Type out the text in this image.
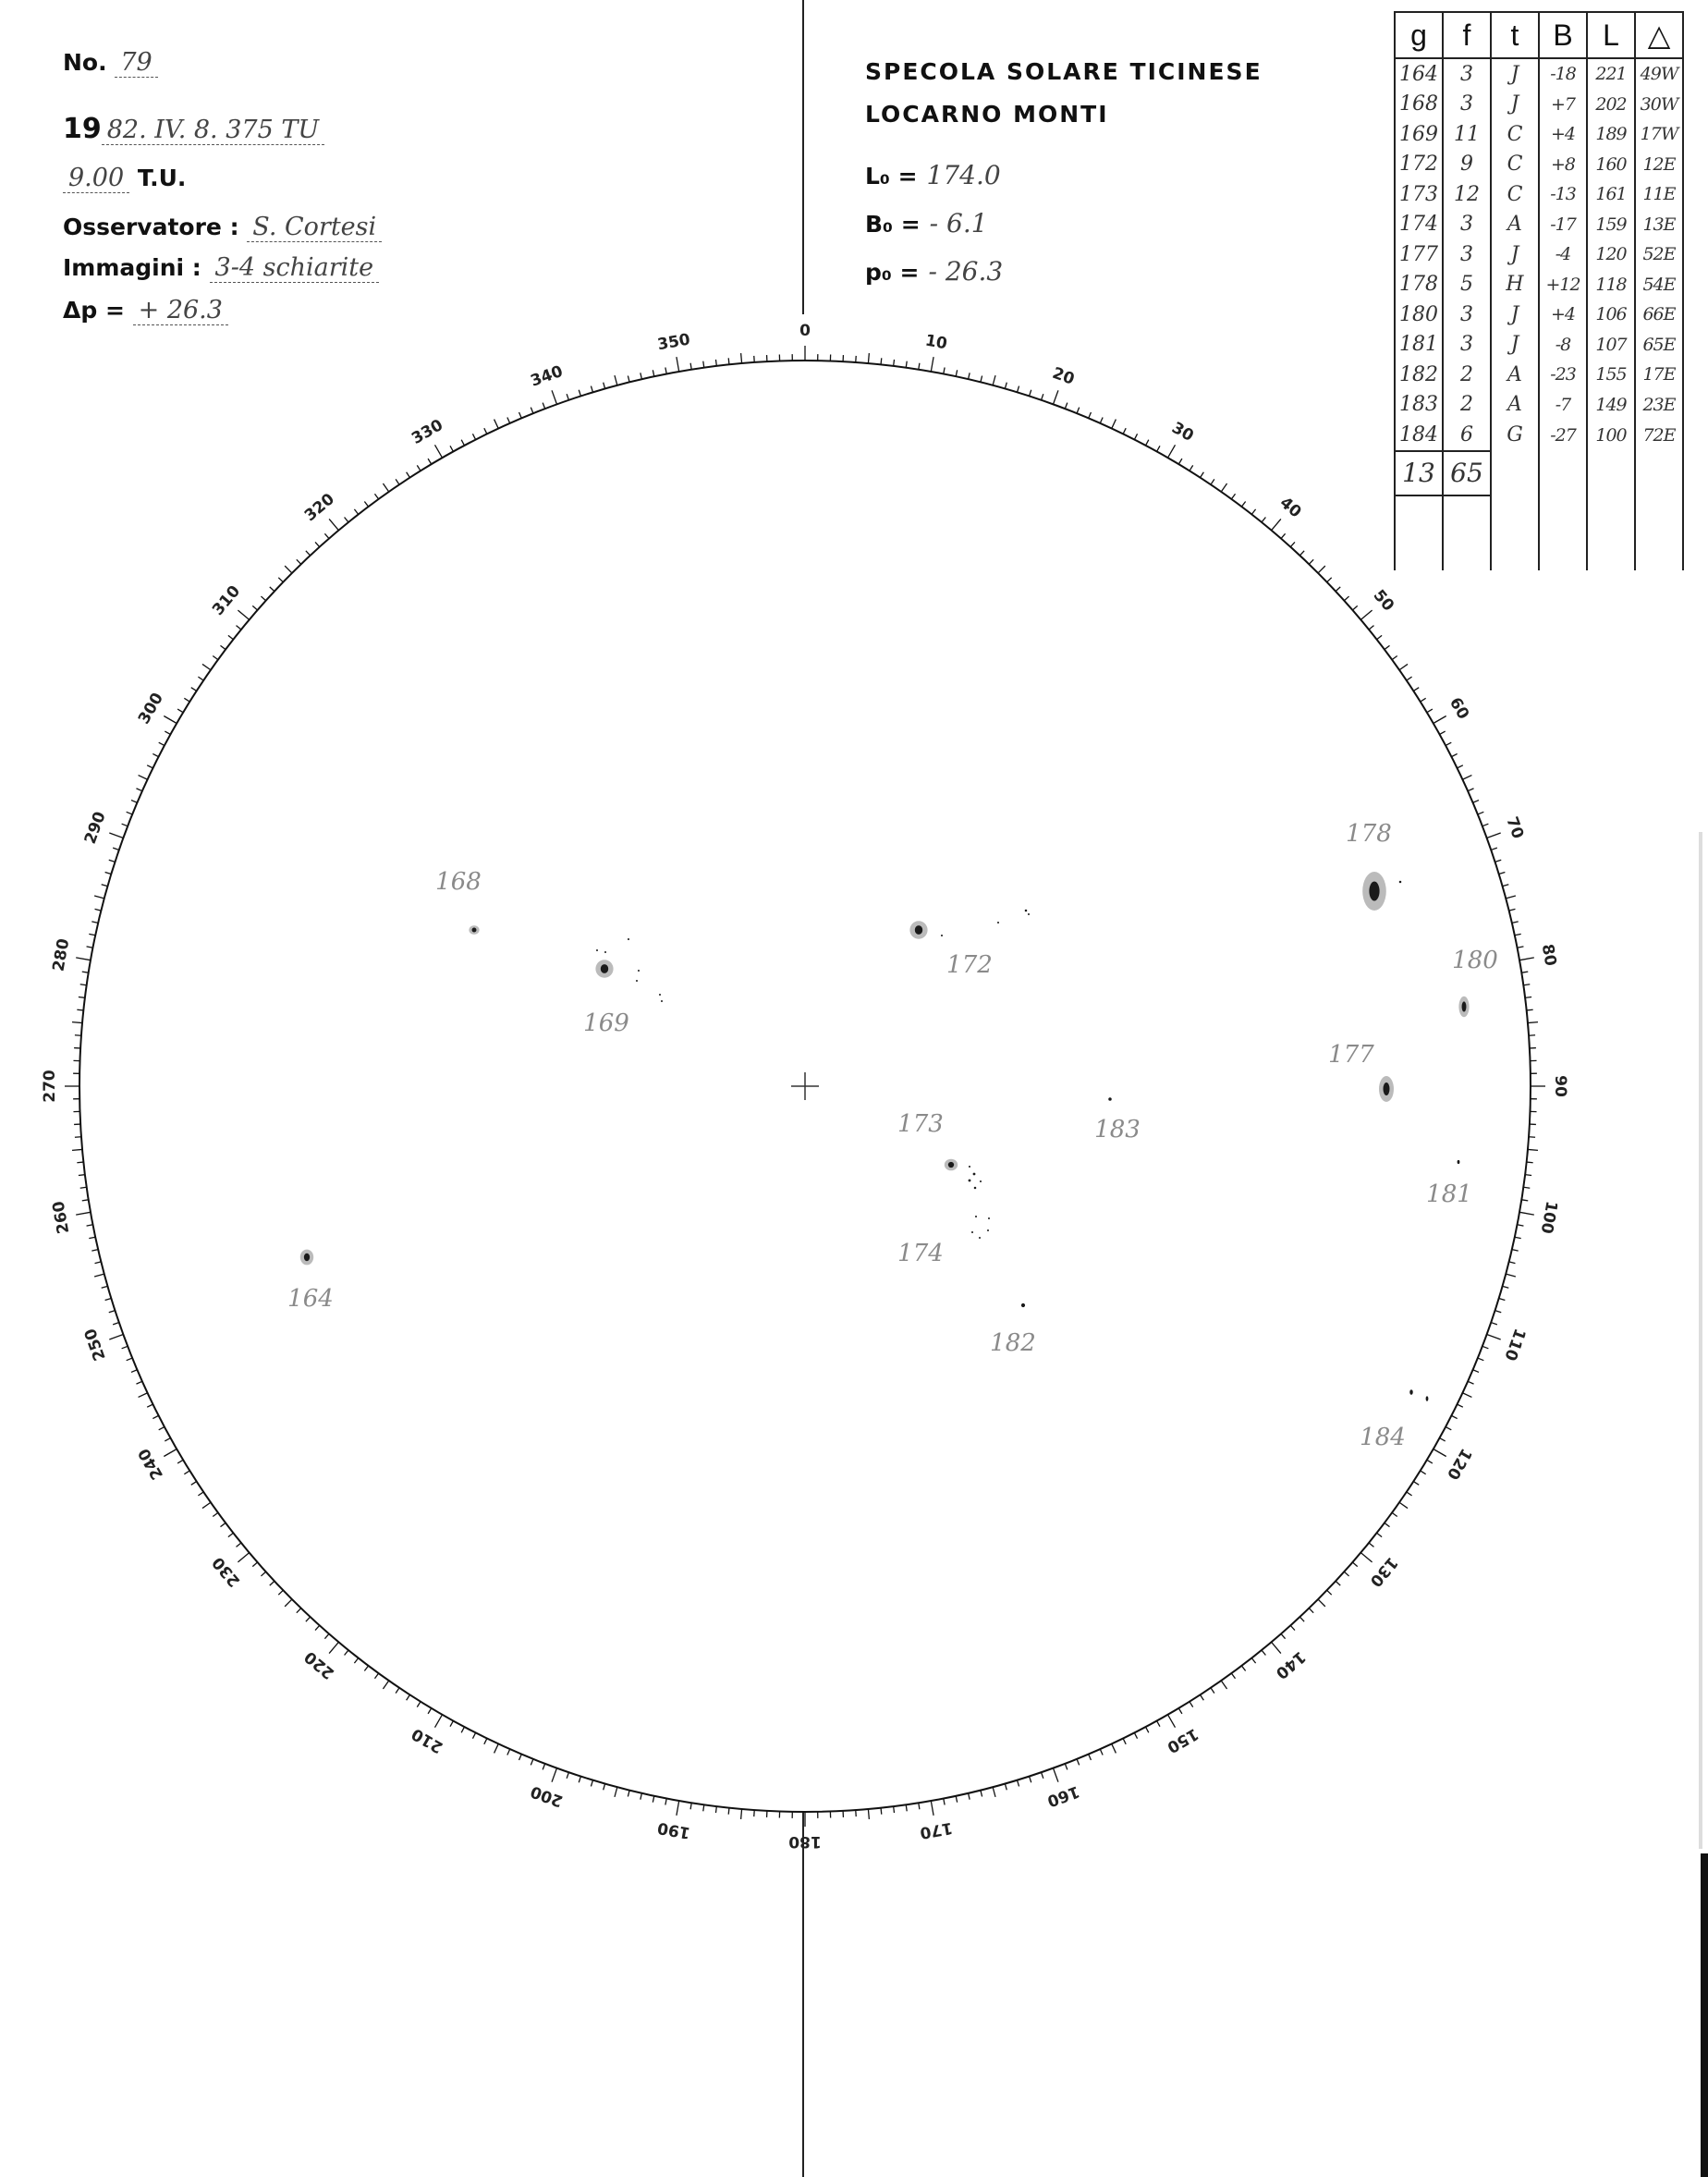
No. 79
19 82. IV. 8. 375 TU
9.00 T.U.
Osservatore : S. Cortesi
Immagini : 3-4 schiarite
Δp = + 26.3
SPECOLA SOLARE TICINESE
LOCARNO MONTI
L₀ = 174.0
B₀ = - 6.1
p₀ = - 26.3
g	f	t	B	L	△
164	3	J	-18	221	49W
168	3	J	+7	202	30W
169	11	C	+4	189	17W
172	9	C	+8	160	12E
173	12	C	-13	161	11E
174	3	A	-17	159	13E
177	3	J	-4	120	52E
178	5	H	+12	118	54E
180	3	J	+4	106	66E
181	3	J	-8	107	65E
182	2	A	-23	155	17E
183	2	A	-7	149	23E
184	6	G	-27	100	72E
13	65				

0
10
20
30
40
50
60
70
80
90
100
110
120
130
140
150
160
170
180
190
200
210
220
230
240
250
260
270
280
290
300
310
320
330
340
350
168
169
172
178
180
177
173	183
181
174
164
182
184
